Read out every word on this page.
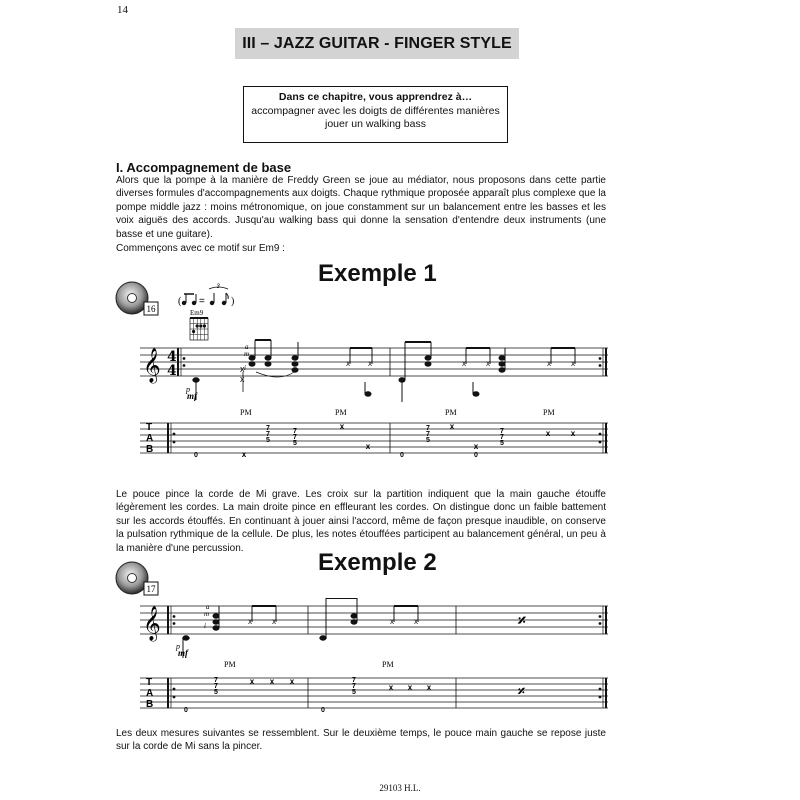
14
III – JAZZ GUITAR - FINGER STYLE
Dans ce chapitre, vous apprendrez à…
accompagner avec les doigts de différentes manières
jouer un walking bass
I. Accompagnement de base
Alors que la pompe à la manière de Freddy Green se joue au médiator, nous proposons dans cette partie diverses formules d'accompagnements aux doigts. Chaque rythmique proposée apparaît plus complexe que la pompe middle jazz : moins métronomique, on joue constamment sur un balancement entre les basses et les voix aiguës des accords. Jusqu'au walking bass qui donne la sensation d'entendre deux instruments (une basse et une guitare).
Commençons avec ce motif sur Em9 :
Exemple 1
16
( =
3
)
Em9
𝄞 4
4	x
x
x x	x	x	x	x
p
mf
a
m
i
PM	PM	PM	PM
T
A
B
0
7
7
5
7
7
5
0
7
7
5
7
7
5
0
x
x
x
x
x
x	x
Le pouce pince la corde de Mi grave. Les croix sur la partition indiquent que la main gauche étouffe légèrement les cordes. La main droite pince en effleurant les cordes. On distingue donc un faible battement sur les accords étouffés. En continuant à jouer ainsi l'accord, même de façon presque inaudible, on conserve la pulsation rythmique de la cellule. De plus, les notes étouffées participent au balancement général, un peu à la manière d'une percussion.
Exemple 2
17
𝄞	x	x	x	x	𝄎
p
mf
a
m
i
PM	PM
T
A
B
7
7
5
0
7
7
5
0
x x x
x x x	𝄎
Les deux mesures suivantes se ressemblent. Sur le deuxième temps, le pouce main gauche se repose juste sur la corde de Mi sans la pincer.
29103 H.L.
